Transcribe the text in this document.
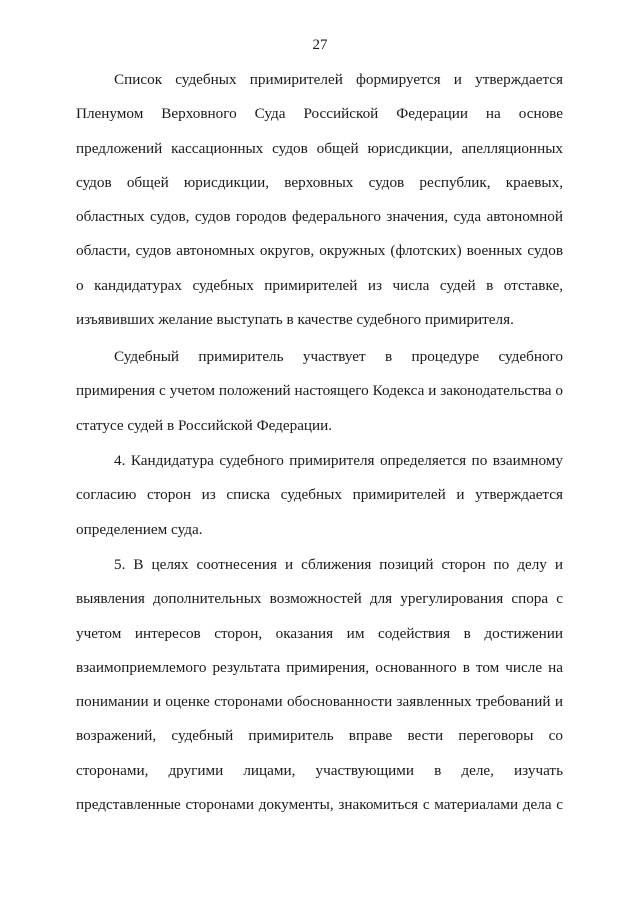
27
Список судебных примирителей формируется и утверждается
Пленумом Верховного Суда Российской Федерации на основе
предложений кассационных судов общей юрисдикции, апелляционных
судов общей юрисдикции, верховных судов республик, краевых,
областных судов, судов городов федерального значения, суда автономной
области, судов автономных округов, окружных (флотских) военных судов
о кандидатурах судебных примирителей из числа судей в отставке,
изъявивших желание выступать в качестве судебного примирителя.
Судебный примиритель участвует в процедуре судебного
примирения с учетом положений настоящего Кодекса и законодательства о
статусе судей в Российской Федерации.
4. Кандидатура судебного примирителя определяется по взаимному
согласию сторон из списка судебных примирителей и утверждается
определением суда.
5. В целях соотнесения и сближения позиций сторон по делу и
выявления дополнительных возможностей для урегулирования спора с
учетом интересов сторон, оказания им содействия в достижении
взаимоприемлемого результата примирения, основанного в том числе на
понимании и оценке сторонами обоснованности заявленных требований и
возражений, судебный примиритель вправе вести переговоры со
сторонами, другими лицами, участвующими в деле, изучать
представленные сторонами документы, знакомиться с материалами дела с
